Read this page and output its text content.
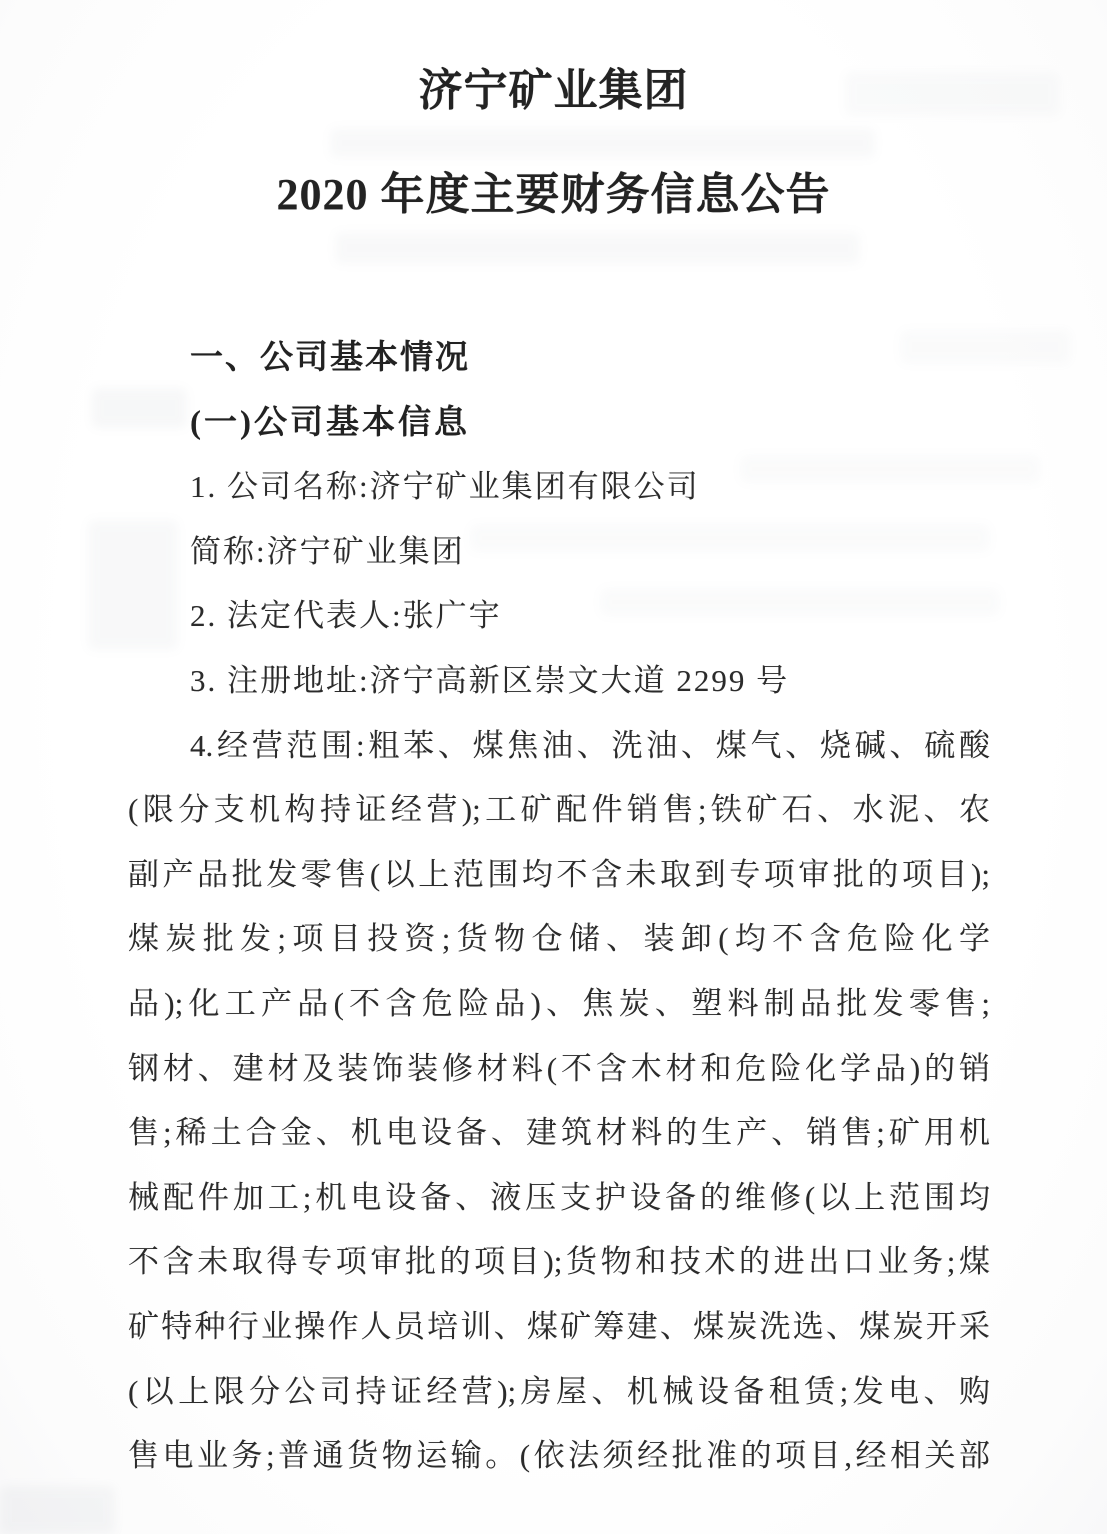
济宁矿业集团
2020 年度主要财务信息公告
一、公司基本情况
(一)公司基本信息
1. 公司名称:济宁矿业集团有限公司
简称:济宁矿业集团
2. 法定代表人:张广宇
3. 注册地址:济宁高新区崇文大道 2299 号
4.经营范围:粗苯、煤焦油、洗油、煤气、烧碱、硫酸
(限分支机构持证经营);工矿配件销售;铁矿石、水泥、农
副产品批发零售(以上范围均不含未取到专项审批的项目);
煤炭批发;项目投资;货物仓储、装卸(均不含危险化学
品);化工产品(不含危险品)、焦炭、塑料制品批发零售;
钢材、建材及装饰装修材料(不含木材和危险化学品)的销
售;稀土合金、机电设备、建筑材料的生产、销售;矿用机
械配件加工;机电设备、液压支护设备的维修(以上范围均
不含未取得专项审批的项目);货物和技术的进出口业务;煤
矿特种行业操作人员培训、煤矿筹建、煤炭洗选、煤炭开采
(以上限分公司持证经营);房屋、机械设备租赁;发电、购
售电业务;普通货物运输。(依法须经批准的项目,经相关部
